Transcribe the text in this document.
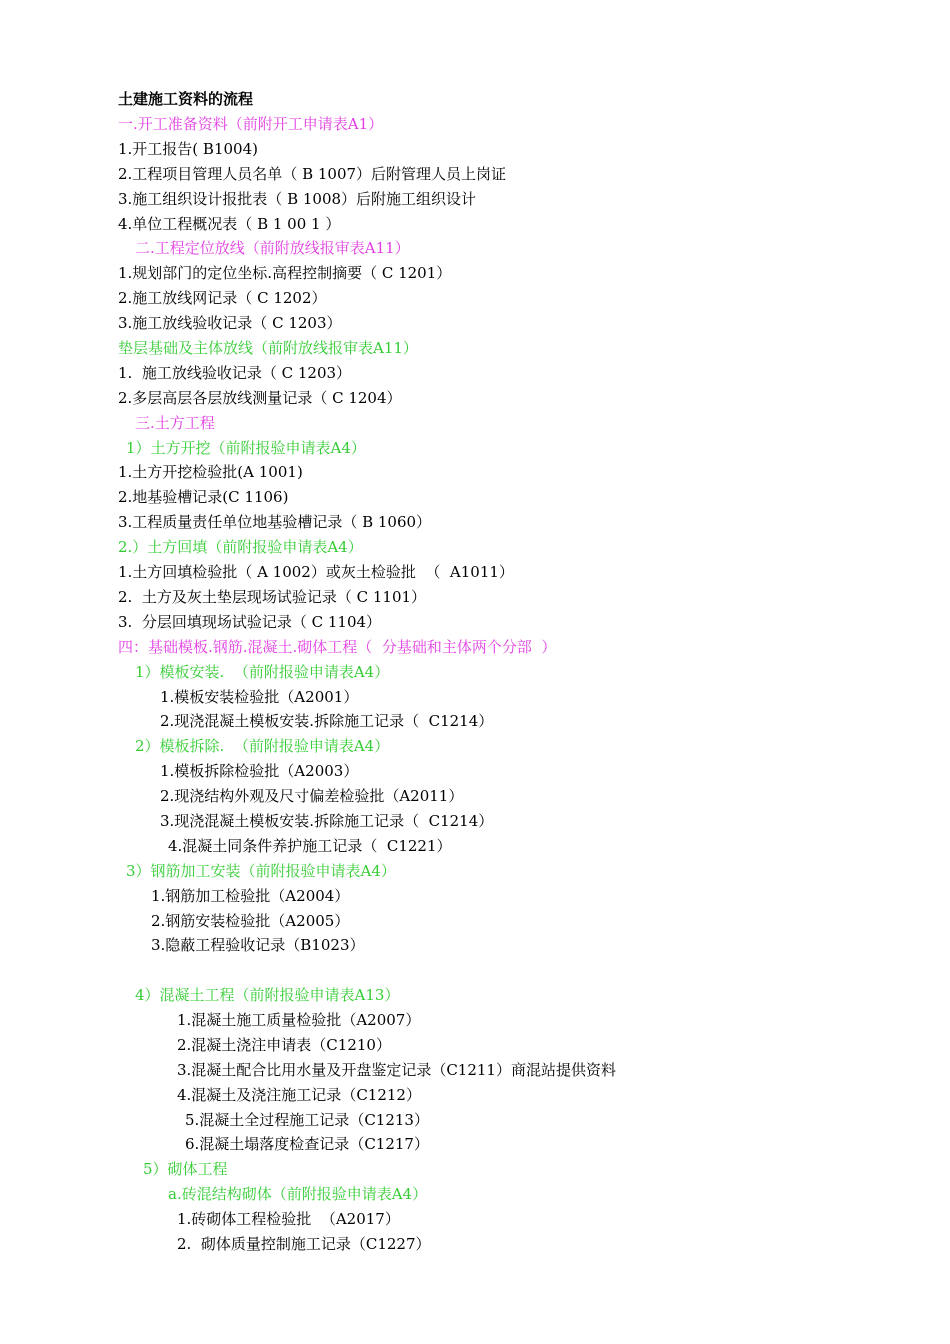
土建施工资料的流程
一.开工准备资料（前附开工申请表A1）
1.开工报告( B1004)
2.工程项目管理人员名单（ B 1007）后附管理人员上岗证
3.施工组织设计报批表（ B 1008）后附施工组织设计
4.单位工程概况表（ B 1 00 1 ）
二.工程定位放线（前附放线报审表A11）
1.规划部门的定位坐标.高程控制摘要（ C 1201）
2.施工放线网记录（ C 1202）
3.施工放线验收记录（ C 1203）
垫层基础及主体放线（前附放线报审表A11）
1.  施工放线验收记录（ C 1203）
2.多层高层各层放线测量记录（ C 1204）
三.土方工程
1）土方开挖（前附报验申请表A4）
1.土方开挖检验批(A 1001)
2.地基验槽记录(C 1106)
3.工程质量责任单位地基验槽记录（ B 1060）
2.）土方回填（前附报验申请表A4）
1.土方回填检验批（ A 1002）或灰土检验批  （  A1011）
2.  土方及灰土垫层现场试验记录（ C 1101）
3.  分层回填现场试验记录（ C 1104）
四：基础模板.钢筋.混凝土.砌体工程（  分基础和主体两个分部  ）
1）模板安装.  （前附报验申请表A4）
1.模板安装检验批（A2001）
2.现浇混凝土模板安装.拆除施工记录（  C1214）
2）模板拆除.  （前附报验申请表A4）
1.模板拆除检验批（A2003）
2.现浇结构外观及尺寸偏差检验批（A2011）
3.现浇混凝土模板安装.拆除施工记录（  C1214）
4.混凝土同条件养护施工记录（  C1221）
3）钢筋加工安装（前附报验申请表A4）
1.钢筋加工检验批（A2004）
2.钢筋安装检验批（A2005）
3.隐蔽工程验收记录（B1023）
4）混凝土工程（前附报验申请表A13）
1.混凝土施工质量检验批（A2007）
2.混凝土浇注申请表（C1210）
3.混凝土配合比用水量及开盘鉴定记录（C1211）商混站提供资料
4.混凝土及浇注施工记录（C1212）
5.混凝土全过程施工记录（C1213）
6.混凝土塌落度检查记录（C1217）
5）砌体工程
a.砖混结构砌体（前附报验申请表A4）
1.砖砌体工程检验批  （A2017）
2.  砌体质量控制施工记录（C1227）
